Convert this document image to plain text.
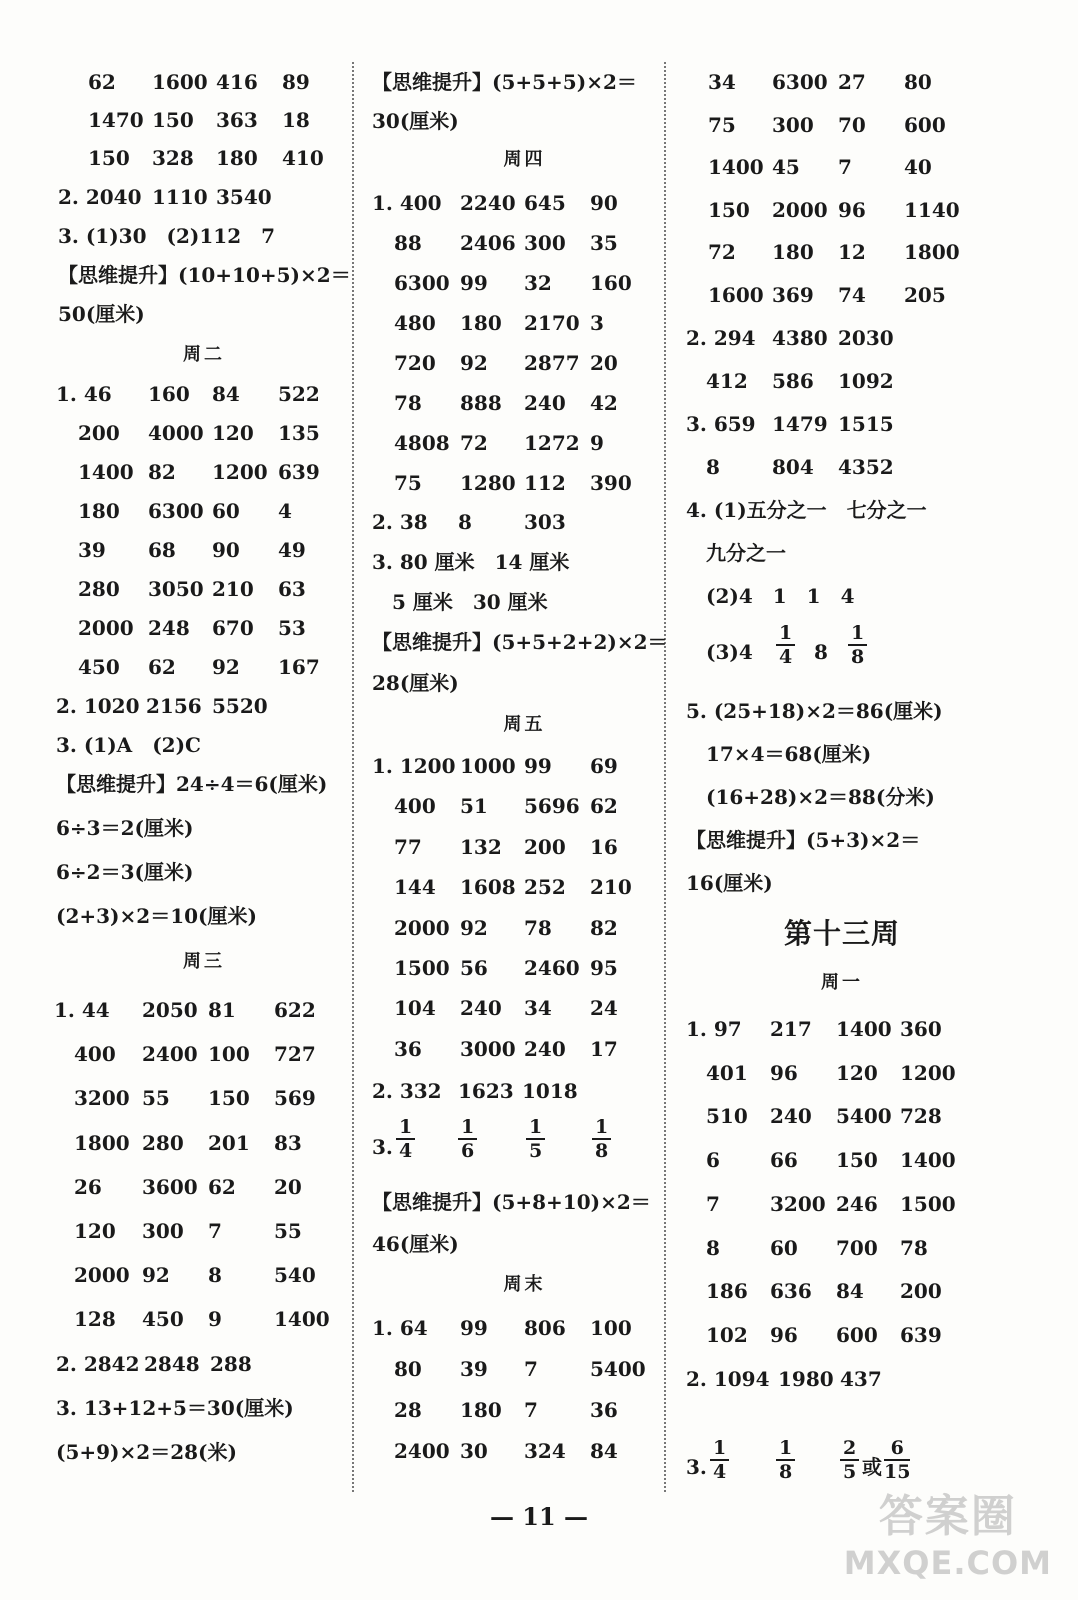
62 1600 416 89
1470 150 363 18
150 328 180 410
2. 2040 1110 3540
3. (1)30　(2)112　7
【思维提升】(10+10+5)×2＝
50(厘米)
周二
1. 46 160 84 522
200 4000 120 135
1400 82 1200 639
180 6300 60 4
39 68 90 49
280 3050 210 63
2000 248 670 53
450 62 92 167
2. 1020 2156 5520
3. (1)A　(2)C
【思维提升】24÷4＝6(厘米)
6÷3＝2(厘米)
6÷2＝3(厘米)
(2+3)×2＝10(厘米)
周三
1. 44 2050 81 622
400 2400 100 727
3200 55 150 569
1800 280 201 83
26 3600 62 20
120 300 7	55
2000 92 8	540
128 450 9	1400
2. 2842 2848 288
3. 13+12+5＝30(厘米)
(5+9)×2＝28(米)
【思维提升】(5+5+5)×2＝
30(厘米)
周四
1. 400 2240 645 90
88 2406 300 35
6300 99 32 160
480 180 2170 3
720 92 2877 20
78 888 240 42
4808 72 1272 9
75 1280 112 390
2. 38 8	303
3. 80 厘米　14 厘米
5 厘米　30 厘米
【思维提升】(5+5+2+2)×2＝
28(厘米)
周五
1. 1200 1000 99 69
400 51 5696 62
77 132 200 16
144 1608 252 210
2000 92 78 82
1500 56 2460 95
104 240 34 24
36 3000 240 17
2. 332 1623 1018
3. $\frac{1}{4} \frac{1}{6}$	$\frac{1}{5} \frac{1}{8}$
【思维提升】(5+8+10)×2＝
46(厘米)
周末
1. 64 99 806 100
80 39 7	5400
28 180 7	36
2400 30 324 84
34 6300 27 80
75 300 70 600
1400 45 7	40
150 2000 96 1140
72 180 12 1800
1600 369 74 205
2. 294 4380 2030
412 586 1092
3. 659 1479 1515
8	804 4352
4. (1)五分之一　七分之一
九分之一
(2)4　1　1　4
$(3)4 \frac{1}{4} 8 \frac{1}{8}$
5. (25+18)×2＝86(厘米)
17×4＝68(厘米)
(16+28)×2＝88(分米)
【思维提升】(5+3)×2＝
16(厘米)
第十三周
周一
1. 97 217 1400 360
401 96 120 1200
510 240 5400 728
6	66 150 1400
7	3200 246 1500
8	60 700 78
186 636 84 200
102 96 600 639
2. 1094 1980 437
3. $\frac{1}{4} \frac{1}{8} \frac{2}{5}$ 或 $\frac{6}{15}$
— 11 —	答案圈
MXQE.COM
